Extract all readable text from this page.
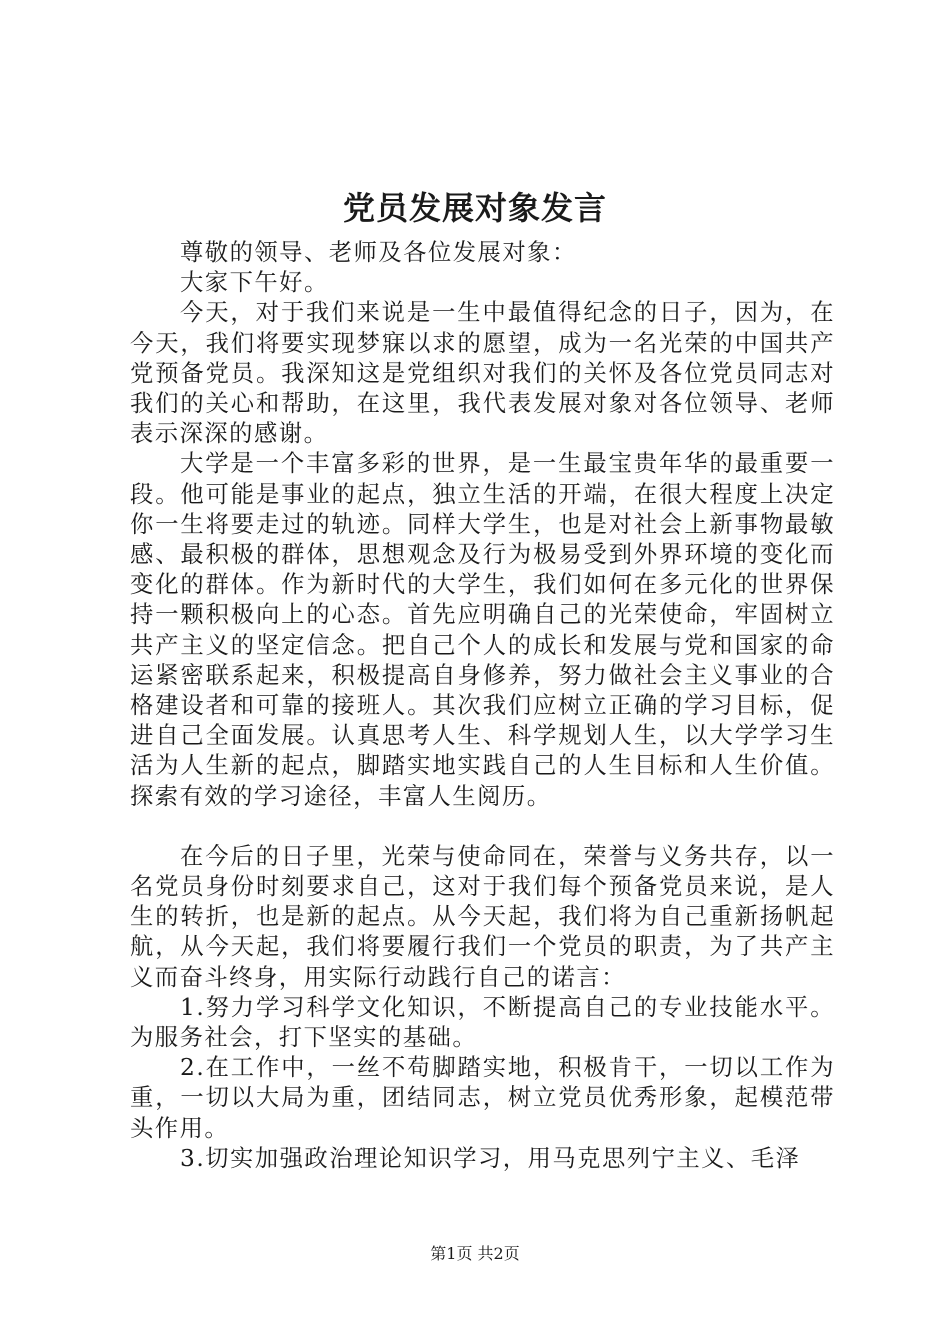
党员发展对象发言

尊敬的领导、老师及各位发展对象：

大家下午好。

今天，对于我们来说是一生中最值得纪念的日子，因为，在今天，我们将要实现梦寐以求的愿望，成为一名光荣的中国共产党预备党员。我深知这是党组织对我们的关怀及各位党员同志对我们的关心和帮助，在这里，我代表发展对象对各位领导、老师表示深深的感谢。

大学是一个丰富多彩的世界，是一生最宝贵年华的最重要一段。他可能是事业的起点，独立生活的开端，在很大程度上决定你一生将要走过的轨迹。同样大学生，也是对社会上新事物最敏感、最积极的群体，思想观念及行为极易受到外界环境的变化而变化的群体。作为新时代的大学生，我们如何在多元化的世界保持一颗积极向上的心态。首先应明确自己的光荣使命，牢固树立共产主义的坚定信念。把自己个人的成长和发展与党和国家的命运紧密联系起来，积极提高自身修养，努力做社会主义事业的合格建设者和可靠的接班人。其次我们应树立正确的学习目标，促进自己全面发展。认真思考人生、科学规划人生，以大学学习生活为人生新的起点，脚踏实地实践自己的人生目标和人生价值。探索有效的学习途径，丰富人生阅历。

在今后的日子里，光荣与使命同在，荣誉与义务共存，以一名党员身份时刻要求自己，这对于我们每个预备党员来说，是人生的转折，也是新的起点。从今天起，我们将为自己重新扬帆起航，从今天起，我们将要履行我们一个党员的职责，为了共产主义而奋斗终身，用实际行动践行自己的诺言：

1.努力学习科学文化知识，不断提高自己的专业技能水平。为服务社会，打下坚实的基础。

2.在工作中，一丝不苟脚踏实地，积极肯干，一切以工作为重，一切以大局为重，团结同志，树立党员优秀形象，起模范带头作用。

3.切实加强政治理论知识学习，用马克思列宁主义、毛泽

第1页 共2页
